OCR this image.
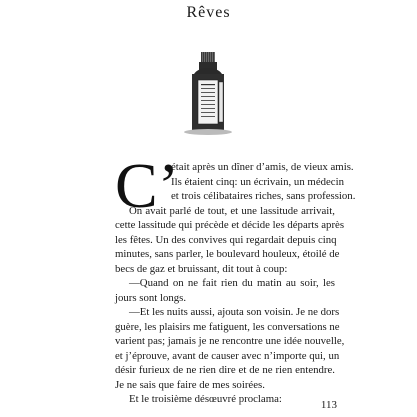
Rêves
C’
était après un dîner d’amis, de vieux amis.
Ils étaient cinq: un écrivain, un médecin
et trois célibataires riches, sans profession.
On avait parlé de tout, et une lassitude arrivait,
cette lassitude qui précède et décide les départs après
les fêtes. Un des convives qui regardait depuis cinq
minutes, sans parler, le boulevard houleux, étoilé de
becs de gaz et bruissant, dit tout à coup:
—Quand on ne fait rien du matin au soir, les
jours sont longs.
—Et les nuits aussi, ajouta son voisin. Je ne dors
guère, les plaisirs me fatiguent, les conversations ne
varient pas; jamais je ne rencontre une idée nouvelle,
et j’éprouve, avant de causer avec n’importe qui, un
désir furieux de ne rien dire et de ne rien entendre.
Je ne sais que faire de mes soirées.
Et le troisième désœuvré proclama:	113
